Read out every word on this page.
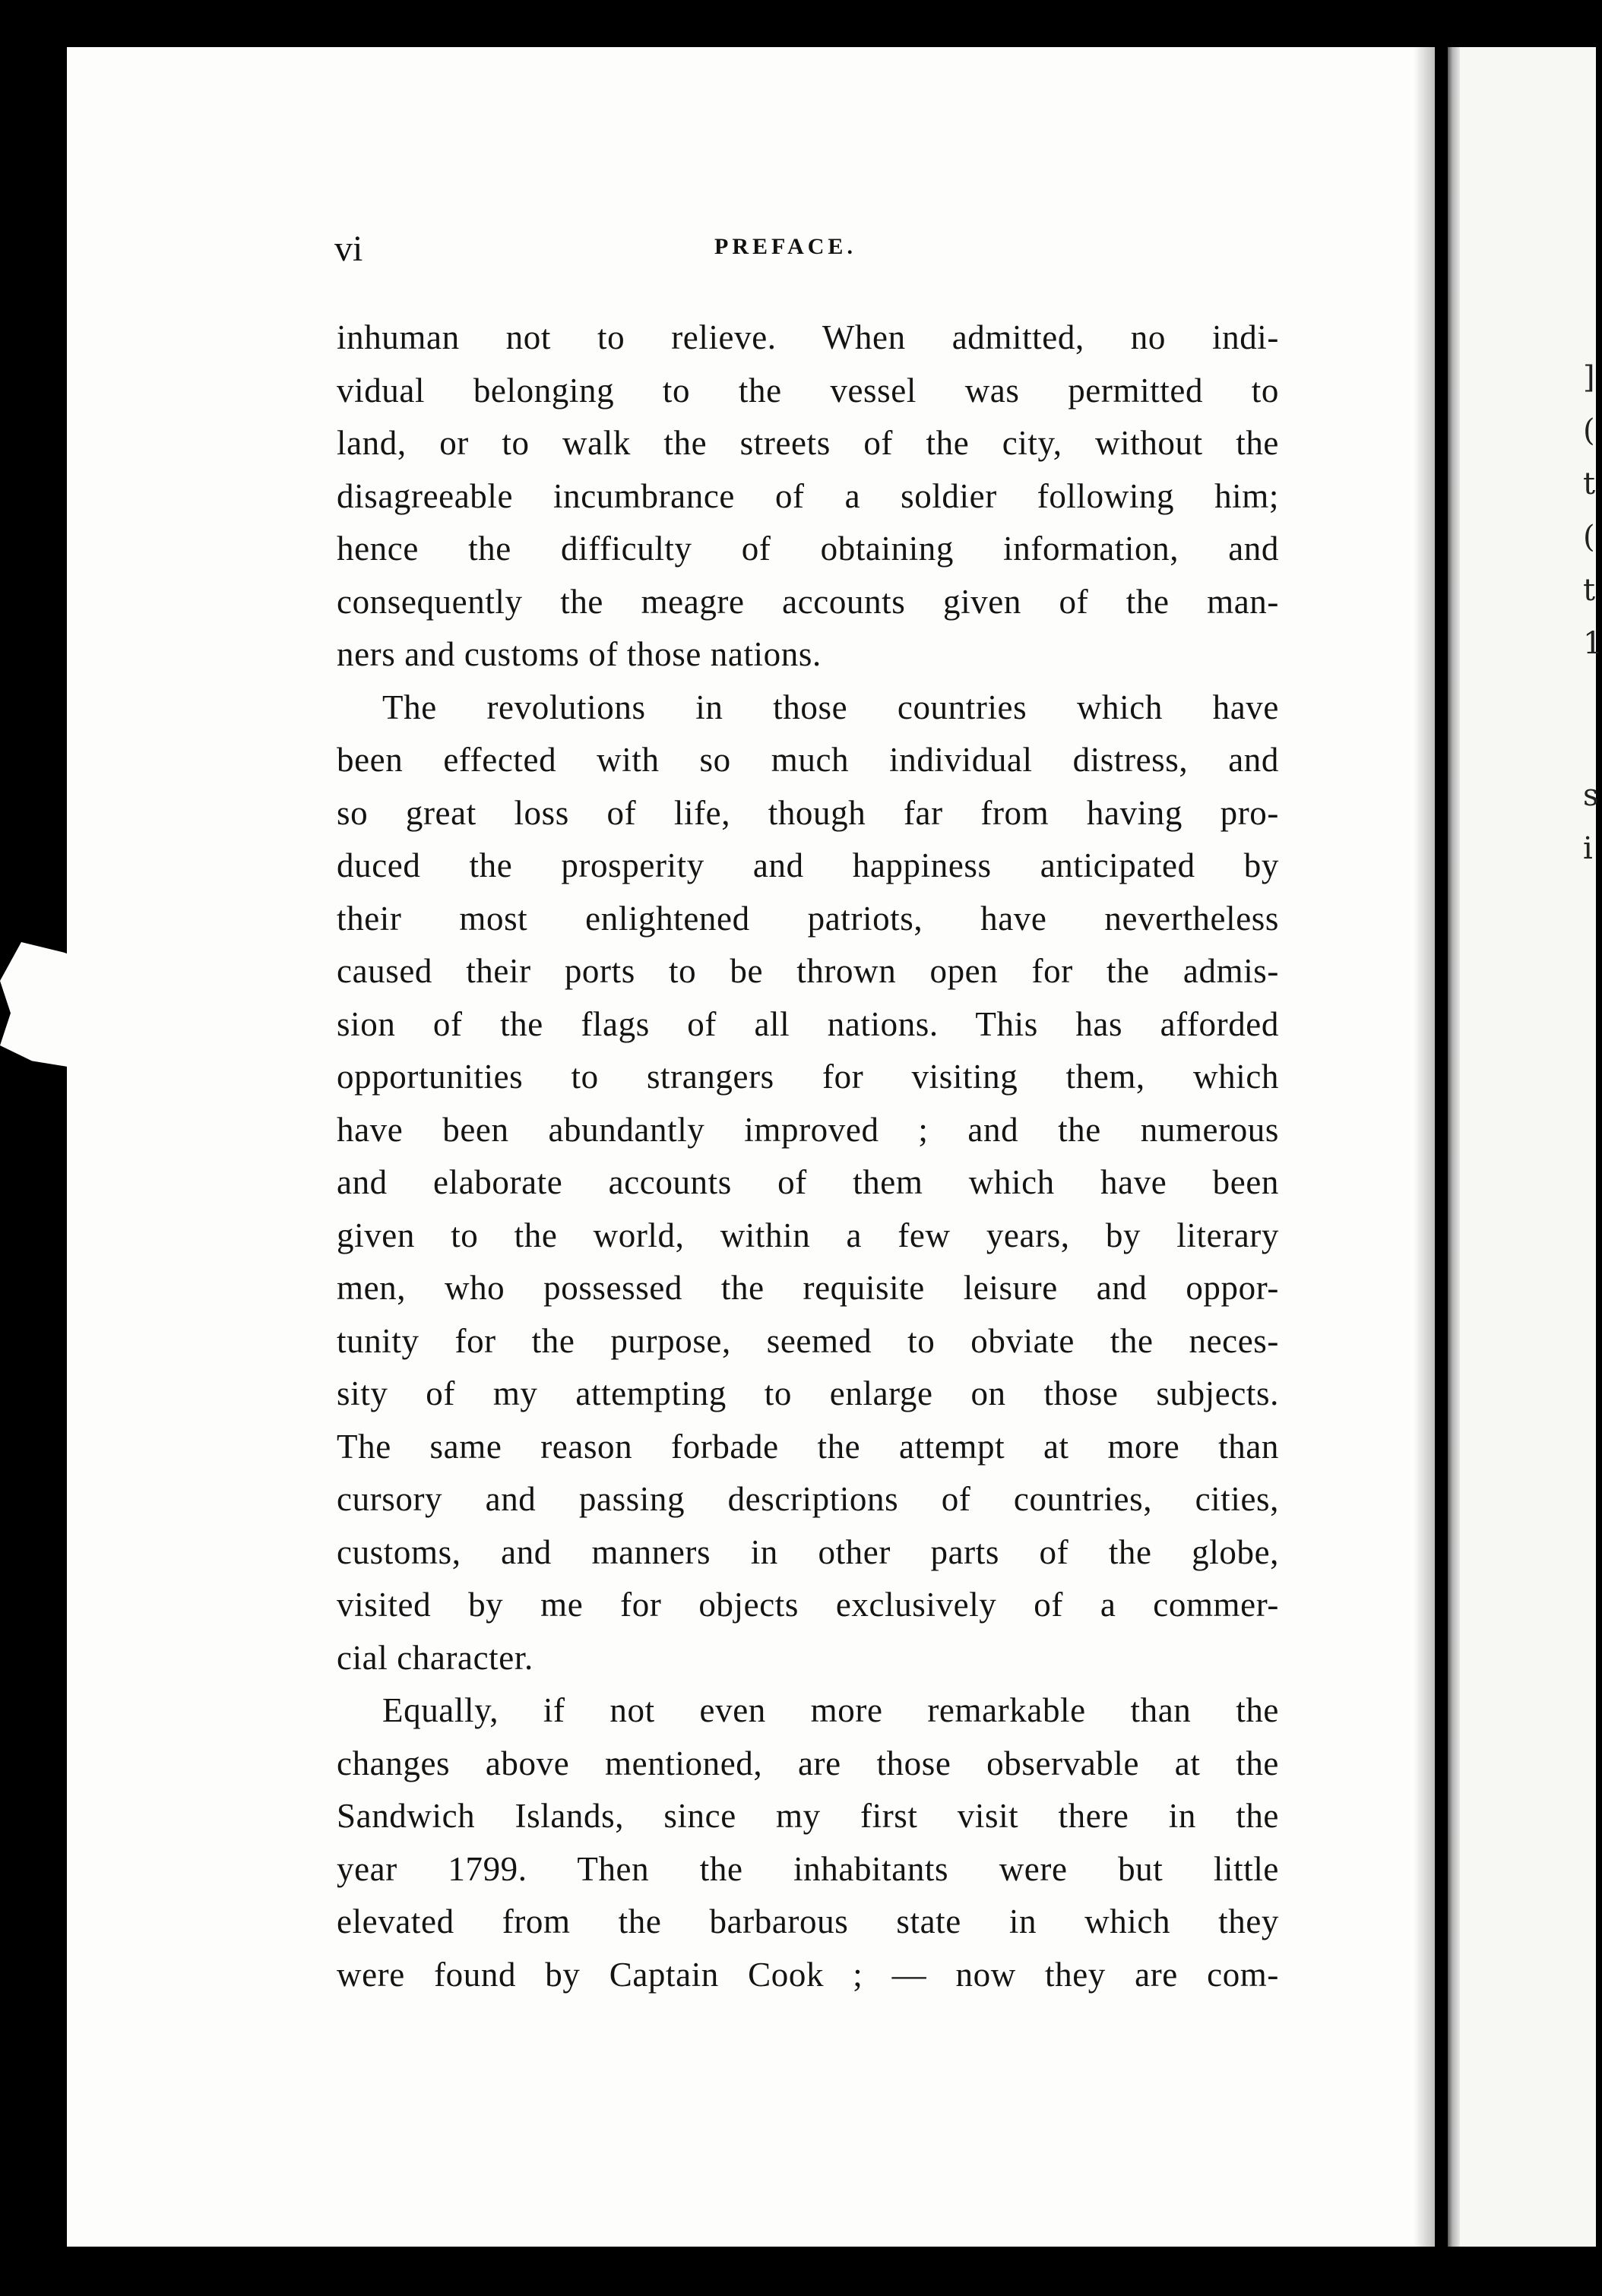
]
(
t
(
t
1
s
i
vi	PREFACE.
inhuman not to relieve. When admitted, no indi-
vidual belonging to the vessel was permitted to
land, or to walk the streets of the city, without the
disagreeable incumbrance of a soldier following him;
hence the difficulty of obtaining information, and
consequently the meagre accounts given of the man-
ners and customs of those nations.
The revolutions in those countries which have
been effected with so much individual distress, and
so great loss of life, though far from having pro-
duced the prosperity and happiness anticipated by
their most enlightened patriots, have nevertheless
caused their ports to be thrown open for the admis-
sion of the flags of all nations. This has afforded
opportunities to strangers for visiting them, which
have been abundantly improved ; and the numerous
and elaborate accounts of them which have been
given to the world, within a few years, by literary
men, who possessed the requisite leisure and oppor-
tunity for the purpose, seemed to obviate the neces-
sity of my attempting to enlarge on those subjects.
The same reason forbade the attempt at more than
cursory and passing descriptions of countries, cities,
customs, and manners in other parts of the globe,
visited by me for objects exclusively of a commer-
cial character.
Equally, if not even more remarkable than the
changes above mentioned, are those observable at the
Sandwich Islands, since my first visit there in the
year 1799. Then the inhabitants were but little
elevated from the barbarous state in which they
were found by Captain Cook ; — now they are com-
